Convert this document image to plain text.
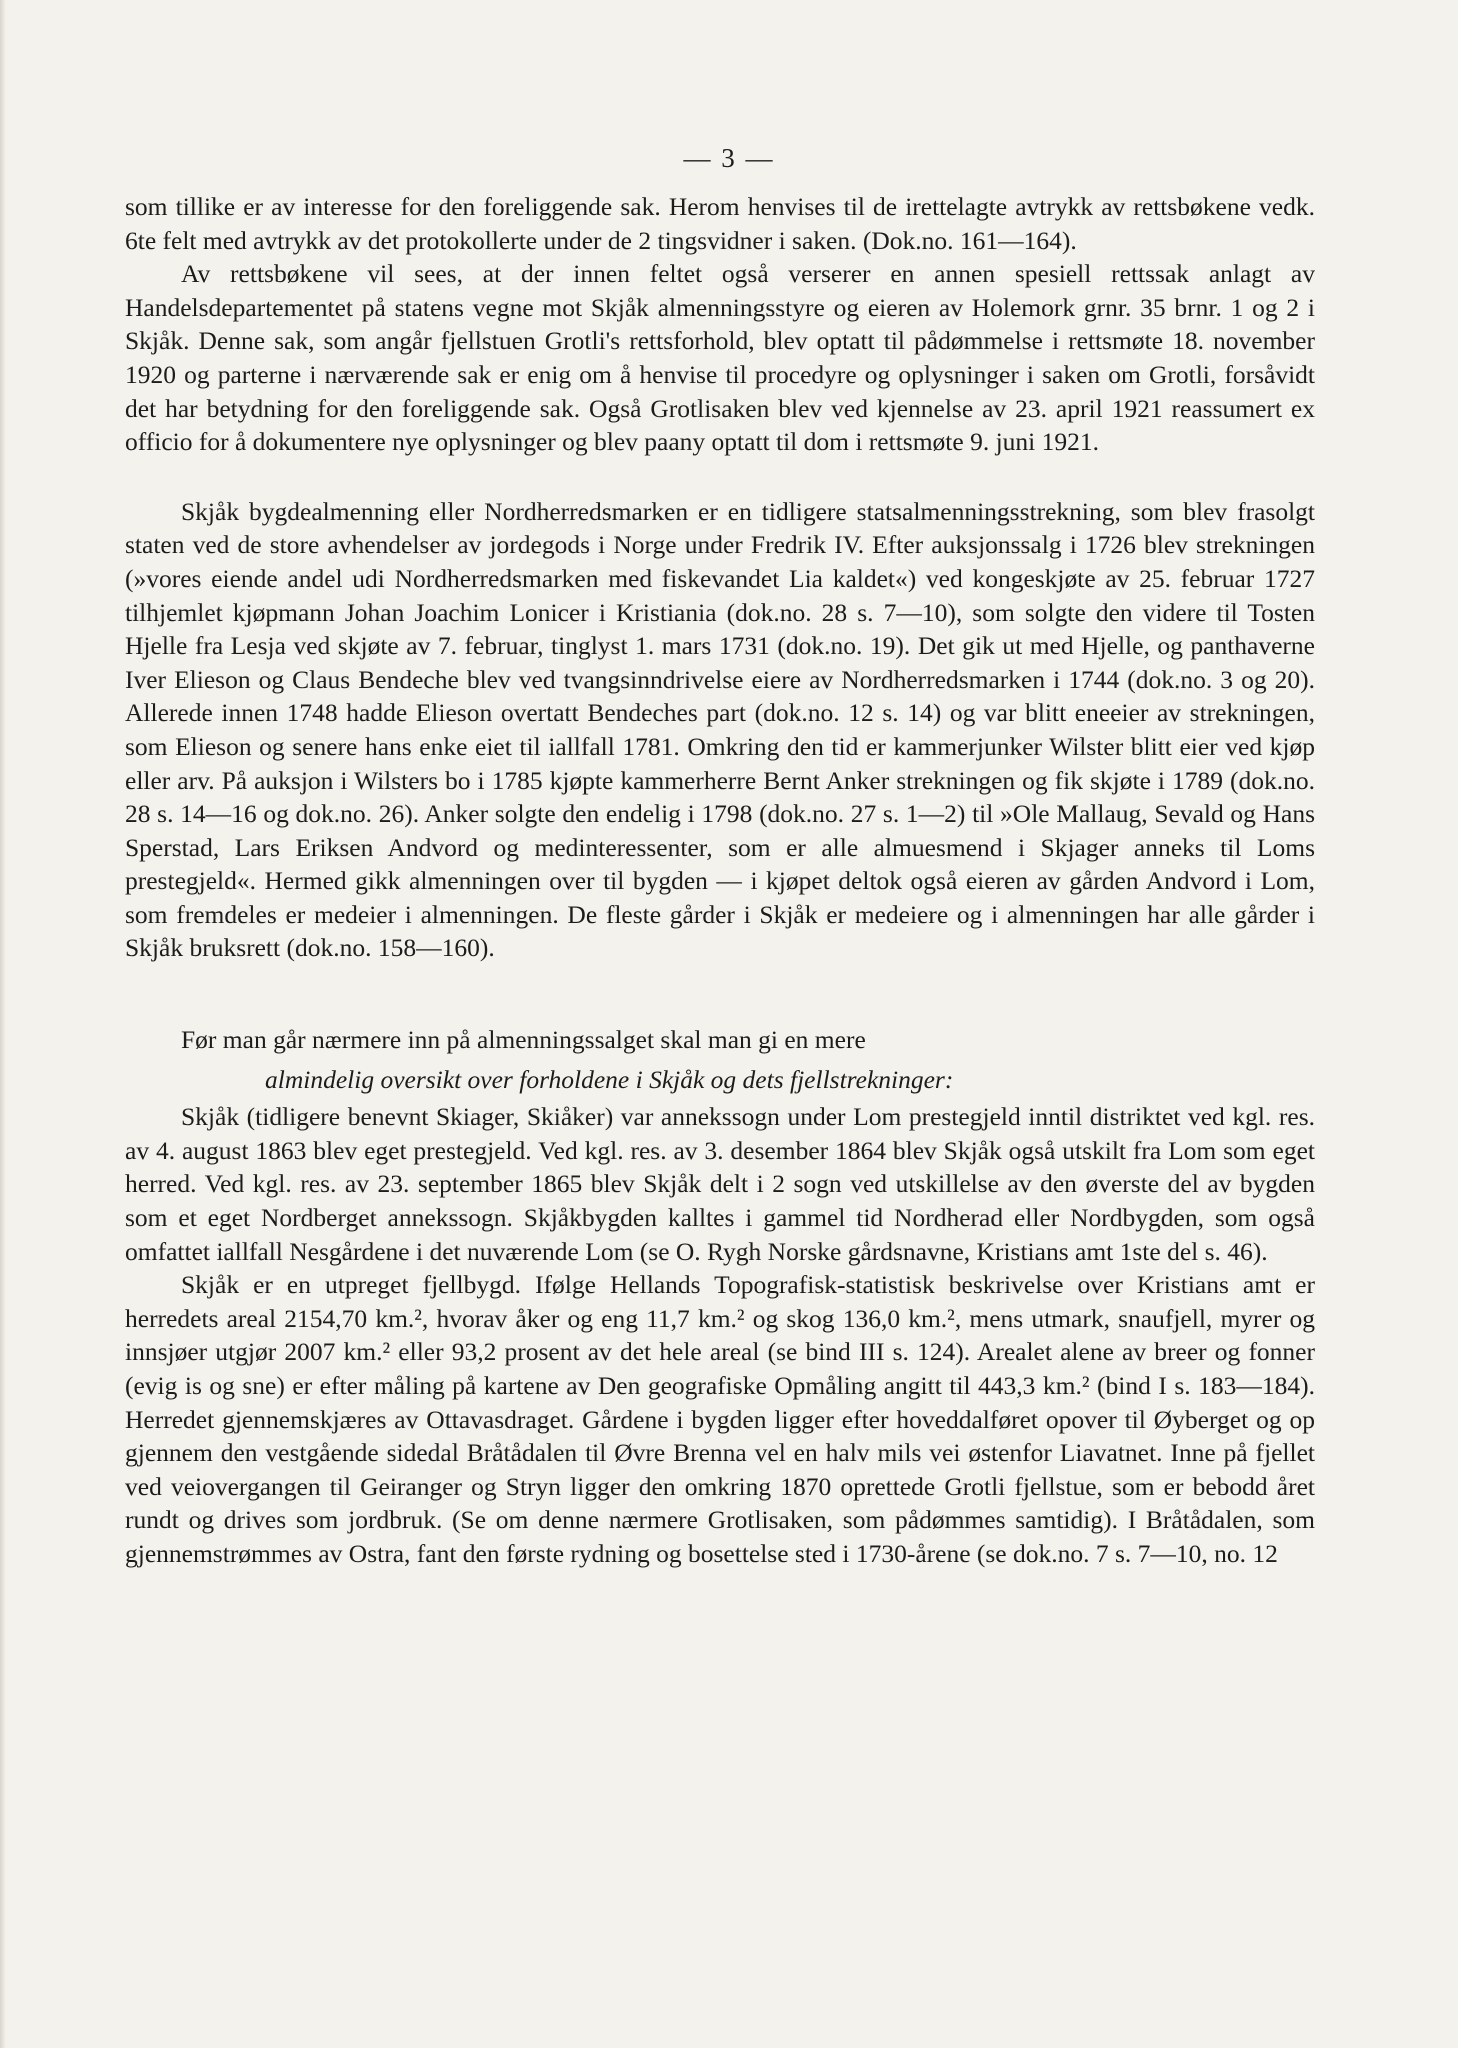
— 3 —

som tillike er av interesse for den foreliggende sak. Herom henvises til de irettelagte avtrykk av rettsbøkene vedk. 6te felt med avtrykk av det protokollerte under de 2 tingsvidner i saken. (Dok.no. 161—164).

Av rettsbøkene vil sees, at der innen feltet også verserer en annen spesiell rettssak anlagt av Handelsdepartementet på statens vegne mot Skjåk almenningsstyre og eieren av Holemork grnr. 35 brnr. 1 og 2 i Skjåk. Denne sak, som angår fjellstuen Grotli's rettsforhold, blev optatt til pådømmelse i rettsmøte 18. november 1920 og parterne i nærværende sak er enig om å henvise til procedyre og oplysninger i saken om Grotli, forsåvidt det har betydning for den foreliggende sak. Også Grotlisaken blev ved kjennelse av 23. april 1921 reassumert ex officio for å dokumentere nye oplysninger og blev paany optatt til dom i rettsmøte 9. juni 1921.

Skjåk bygdealmenning eller Nordherredsmarken er en tidligere statsalmenningsstrekning, som blev frasolgt staten ved de store avhendelser av jordegods i Norge under Fredrik IV. Efter auksjonssalg i 1726 blev strekningen (»vores eiende andel udi Nordherredsmarken med fiskevandet Lia kaldet«) ved kongeskjøte av 25. februar 1727 tilhjemlet kjøpmann Johan Joachim Lonicer i Kristiania (dok.no. 28 s. 7—10), som solgte den videre til Tosten Hjelle fra Lesja ved skjøte av 7. februar, tinglyst 1. mars 1731 (dok.no. 19). Det gik ut med Hjelle, og panthaverne Iver Elieson og Claus Bendeche blev ved tvangsinndrivelse eiere av Nordherredsmarken i 1744 (dok.no. 3 og 20). Allerede innen 1748 hadde Elieson overtatt Bendeches part (dok.no. 12 s. 14) og var blitt eneeier av strekningen, som Elieson og senere hans enke eiet til iallfall 1781. Omkring den tid er kammerjunker Wilster blitt eier ved kjøp eller arv. På auksjon i Wilsters bo i 1785 kjøpte kammerherre Bernt Anker strekningen og fik skjøte i 1789 (dok.no. 28 s. 14—16 og dok.no. 26). Anker solgte den endelig i 1798 (dok.no. 27 s. 1—2) til »Ole Mallaug, Sevald og Hans Sperstad, Lars Eriksen Andvord og medinteressenter, som er alle almuesmend i Skjager anneks til Loms prestegjeld«. Hermed gikk almenningen over til bygden — i kjøpet deltok også eieren av gården Andvord i Lom, som fremdeles er medeier i almenningen. De fleste gårder i Skjåk er medeiere og i almenningen har alle gårder i Skjåk bruksrett (dok.no. 158—160).

Før man går nærmere inn på almenningssalget skal man gi en mere

almindelig oversikt over forholdene i Skjåk og dets fjellstrekninger:

Skjåk (tidligere benevnt Skiager, Skiåker) var annekssogn under Lom prestegjeld inntil distriktet ved kgl. res. av 4. august 1863 blev eget prestegjeld. Ved kgl. res. av 3. desember 1864 blev Skjåk også utskilt fra Lom som eget herred. Ved kgl. res. av 23. september 1865 blev Skjåk delt i 2 sogn ved utskillelse av den øverste del av bygden som et eget Nordberget annekssogn. Skjåkbygden kalltes i gammel tid Nordherad eller Nordbygden, som også omfattet iallfall Nesgårdene i det nuværende Lom (se O. Rygh Norske gårdsnavne, Kristians amt 1ste del s. 46).

Skjåk er en utpreget fjellbygd. Ifølge Hellands Topografisk-statistisk beskrivelse over Kristians amt er herredets areal 2154,70 km.², hvorav åker og eng 11,7 km.² og skog 136,0 km.², mens utmark, snaufjell, myrer og innsjøer utgjør 2007 km.² eller 93,2 prosent av det hele areal (se bind III s. 124). Arealet alene av breer og fonner (evig is og sne) er efter måling på kartene av Den geografiske Opmåling angitt til 443,3 km.² (bind I s. 183—184). Herredet gjennemskjæres av Ottavasdraget. Gårdene i bygden ligger efter hoveddalføret opover til Øyberget og op gjennem den vestgående sidedal Bråtådalen til Øvre Brenna vel en halv mils vei østenfor Liavatnet. Inne på fjellet ved veiovergangen til Geiranger og Stryn ligger den omkring 1870 oprettede Grotli fjellstue, som er bebodd året rundt og drives som jordbruk. (Se om denne nærmere Grotlisaken, som pådømmes samtidig). I Bråtådalen, som gjennemstrømmes av Ostra, fant den første rydning og bosettelse sted i 1730-årene (se dok.no. 7 s. 7—10, no. 12
